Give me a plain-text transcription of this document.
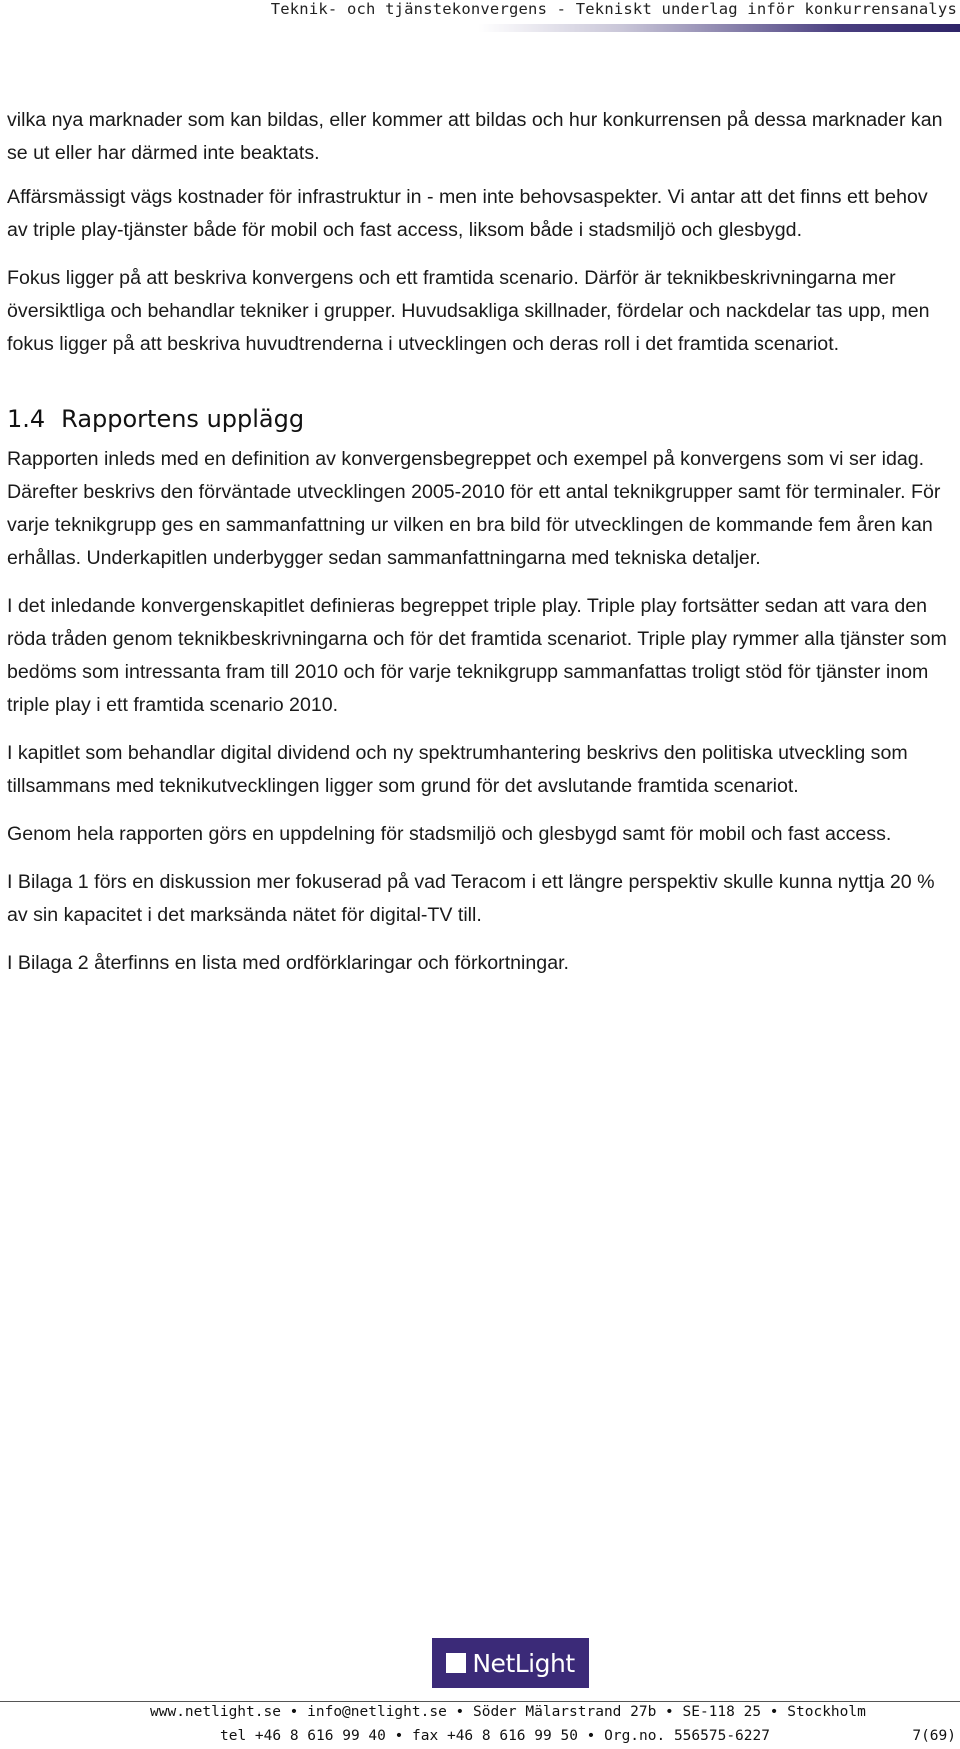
Teknik- och tjänstekonvergens - Tekniskt underlag inför konkurrensanalys

vilka nya marknader som kan bildas, eller kommer att bildas och hur konkurrensen på dessa marknader kan se ut eller har därmed inte beaktats.

Affärsmässigt vägs kostnader för infrastruktur in - men inte behovsaspekter. Vi antar att det finns ett behov av triple play-tjänster både för mobil och fast access, liksom både i stadsmiljö och glesbygd.

Fokus ligger på att beskriva konvergens och ett framtida scenario. Därför är teknikbeskrivningarna mer översiktliga och behandlar tekniker i grupper. Huvudsakliga skillnader, fördelar och nackdelar tas upp, men fokus ligger på att beskriva huvudtrenderna i utvecklingen och deras roll i det framtida scenariot.

1.4 Rapportens upplägg

Rapporten inleds med en definition av konvergensbegreppet och exempel på konvergens som vi ser idag. Därefter beskrivs den förväntade utvecklingen 2005-2010 för ett antal teknikgrupper samt för terminaler. För varje teknikgrupp ges en sammanfattning ur vilken en bra bild för utvecklingen de kommande fem åren kan erhållas. Underkapitlen underbygger sedan sammanfattningarna med tekniska detaljer.

I det inledande konvergenskapitlet definieras begreppet triple play. Triple play fortsätter sedan att vara den röda tråden genom teknikbeskrivningarna och för det framtida scenariot. Triple play rymmer alla tjänster som bedöms som intressanta fram till 2010 och för varje teknikgrupp sammanfattas troligt stöd för tjänster inom triple play i ett framtida scenario 2010.

I kapitlet som behandlar digital dividend och ny spektrumhantering beskrivs den politiska utveckling som tillsammans med teknikutvecklingen ligger som grund för det avslutande framtida scenariot.

Genom hela rapporten görs en uppdelning för stadsmiljö och glesbygd samt för mobil och fast access.

I Bilaga 1 förs en diskussion mer fokuserad på vad Teracom i ett längre perspektiv skulle kunna nyttja 20 % av sin kapacitet i det marksända nätet för digital-TV till.

I Bilaga 2 återfinns en lista med ordförklaringar och förkortningar.

NetLight
www.netlight.se • info@netlight.se • Söder Mälarstrand 27b • SE-118 25 • Stockholm
tel +46 8 616 99 40 • fax +46 8 616 99 50 • Org.no. 556575-6227	7(69)
